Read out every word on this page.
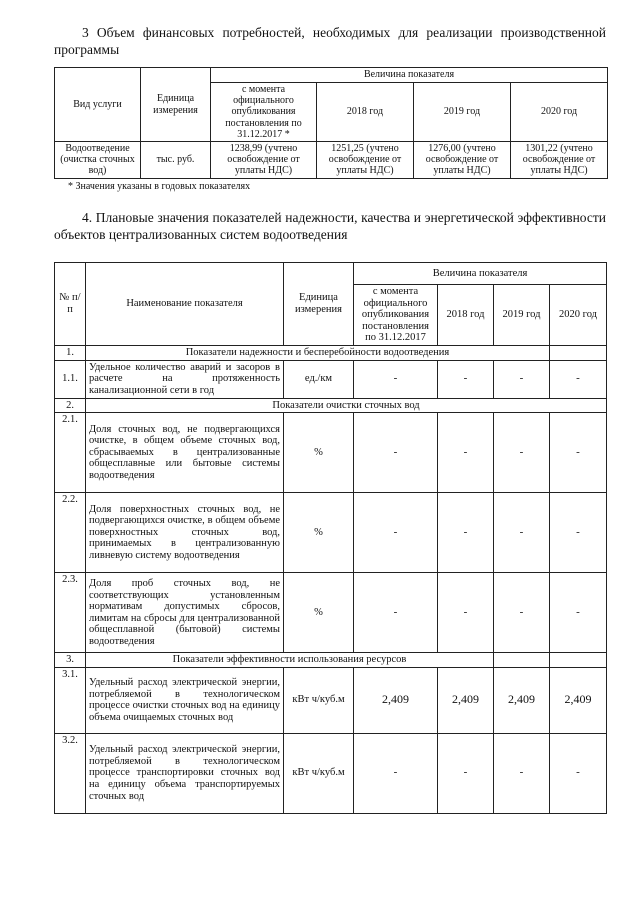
3 Объем финансовых потребностей, необходимых для реализации производственной программы

Вид услуги	Единица измерения	Величина показателя			
		с момента официального опубликования постановления по 31.12.2017 *	2018 год	2019 год	2020 год
Водоотведение (очистка сточных вод)	тыс. руб.	1238,99 (учтено освобождение от уплаты НДС)	1251,25 (учтено освобождение от уплаты НДС)	1276,00 (учтено освобождение от уплаты НДС)	1301,22 (учтено освобождение от уплаты НДС)

* Значения указаны в годовых показателях

4. Плановые значения показателей надежности, качества и энергетической эффективности объектов централизованных систем водоотведения

№ п/п	Наименование показателя	Единица измерения	Величина показателя			
			с момента официального опубликования постановления по 31.12.2017	2018 год	2019 год	2020 год
1.	Показатели надежности и бесперебойности водоотведения					
1.1.	Удельное количество аварий и засоров в расчете на протяженность канализационной сети в год	ед./км	-	-	-	-
2.	Показатели очистки сточных вод					
2.1.	Доля сточных вод, не подвергающихся очистке, в общем объеме сточных вод, сбрасываемых в централизованные общесплавные или бытовые системы водоотведения	%	-	-	-	-
2.2.	Доля поверхностных сточных вод, не подвергающихся очистке, в общем объеме поверхностных сточных вод, принимаемых в централизованную ливневую систему водоотведения	%	-	-	-	-
2.3.	Доля проб сточных вод, не соответствующих установленным нормативам допустимых сбросов, лимитам на сбросы для централизованной общесплавной (бытовой) системы водоотведения	%	-	-	-	-
3.	Показатели эффективности использования ресурсов					
3.1.	Удельный расход электрической энергии, потребляемой в технологическом процессе очистки сточных вод на единицу объема очищаемых сточных вод	кВт ч/куб.м	2,409	2,409	2,409	2,409
3.2.	Удельный расход электрической энергии, потребляемой в технологическом процессе транспортировки сточных вод на единицу объема транспортируемых сточных вод	кВт ч/куб.м	-	-	-	-
